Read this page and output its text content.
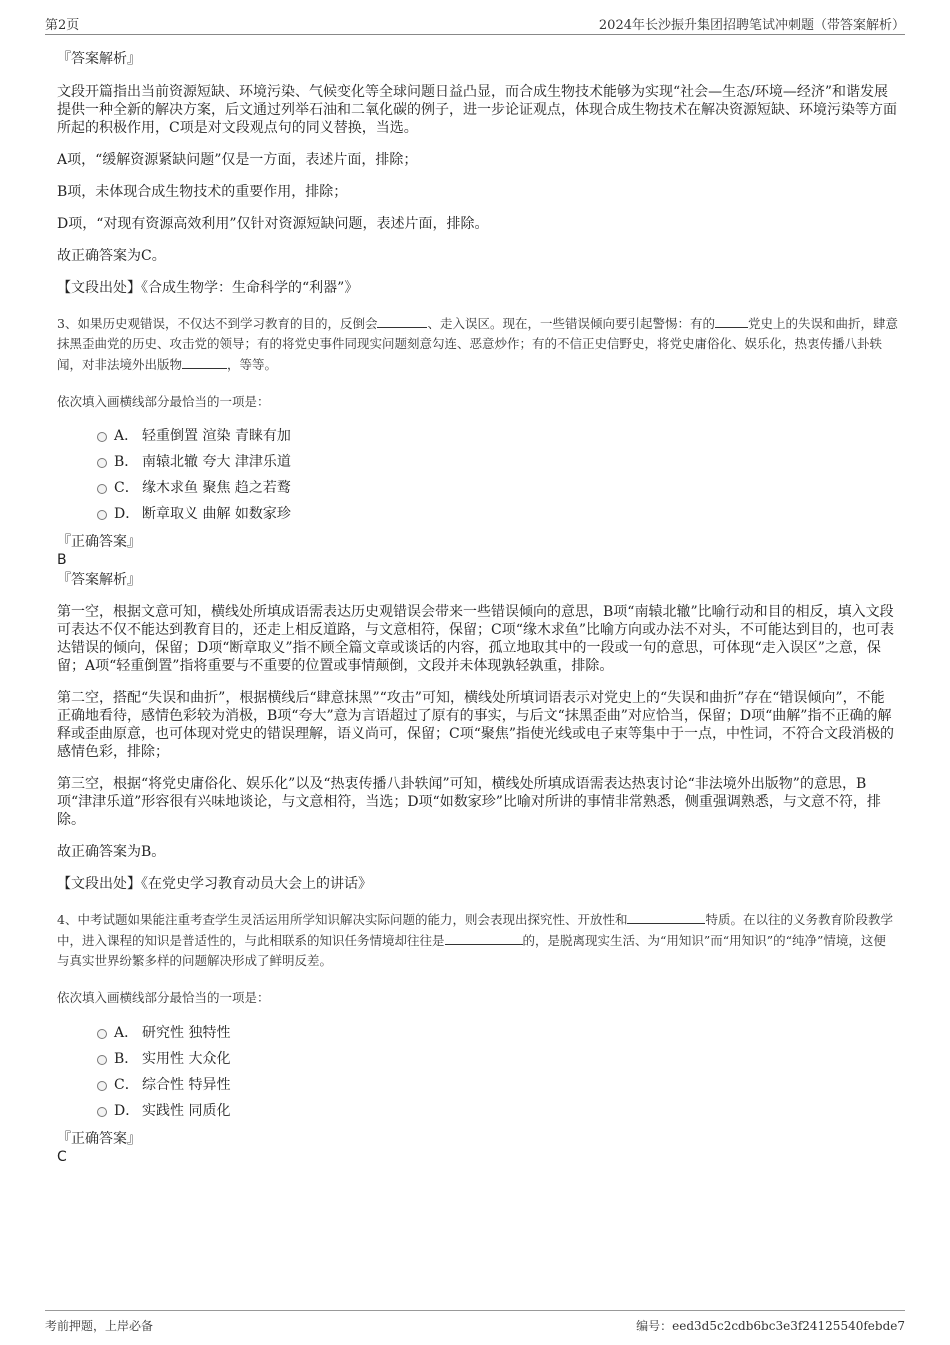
第2页	2024年长沙振升集团招聘笔试冲刺题（带答案解析）

『答案解析』

文段开篇指出当前资源短缺、环境污染、气候变化等全球问题日益凸显，而合成生物技术能够为实现“社会—生态/环境—经济”和谐发展提供一种全新的解决方案，后文通过列举石油和二氧化碳的例子，进一步论证观点，体现合成生物技术在解决资源短缺、环境污染等方面所起的积极作用，C项是对文段观点句的同义替换，当选。

A项，“缓解资源紧缺问题”仅是一方面，表述片面，排除；

B项，未体现合成生物技术的重要作用，排除；

D项，“对现有资源高效利用”仅针对资源短缺问题，表述片面，排除。

故正确答案为C。

【文段出处】《合成生物学：生命科学的“利器”》

3、如果历史观错误，不仅达不到学习教育的目的，反倒会	、走入误区。现在，一些错误倾向要引起警惕：有的	党史上的失误和曲折，肆意抹黑歪曲党的历史、攻击党的领导；有的将党史事件同现实问题刻意勾连、恶意炒作；有的不信正史信野史，将党史庸俗化、娱乐化，热衷传播八卦轶闻，对非法境外出版物	，等等。

依次填入画横线部分最恰当的一项是：

A． 轻重倒置 渲染 青睐有加
B． 南辕北辙 夸大 津津乐道
C． 缘木求鱼 聚焦 趋之若鹜
D． 断章取义 曲解 如数家珍

『正确答案』

B

『答案解析』

第一空，根据文意可知，横线处所填成语需表达历史观错误会带来一些错误倾向的意思，B项“南辕北辙”比喻行动和目的相反，填入文段可表达不仅不能达到教育目的，还走上相反道路，与文意相符，保留；C项“缘木求鱼”比喻方向或办法不对头，不可能达到目的，也可表达错误的倾向，保留；D项“断章取义”指不顾全篇文章或谈话的内容，孤立地取其中的一段或一句的意思，可体现“走入误区”之意，保留；A项“轻重倒置”指将重要与不重要的位置或事情颠倒，文段并未体现孰轻孰重，排除。

第二空，搭配“失误和曲折”，根据横线后“肆意抹黑”“攻击”可知，横线处所填词语表示对党史上的“失误和曲折”存在“错误倾向”，不能正确地看待，感情色彩较为消极，B项“夸大”意为言语超过了原有的事实，与后文“抹黑歪曲”对应恰当，保留；D项“曲解”指不正确的解释或歪曲原意，也可体现对党史的错误理解，语义尚可，保留；C项“聚焦”指使光线或电子束等集中于一点，中性词，不符合文段消极的感情色彩，排除；

第三空，根据“将党史庸俗化、娱乐化”以及“热衷传播八卦轶闻”可知，横线处所填成语需表达热衷讨论“非法境外出版物”的意思，B项“津津乐道”形容很有兴味地谈论，与文意相符，当选；D项“如数家珍”比喻对所讲的事情非常熟悉，侧重强调熟悉，与文意不符，排除。

故正确答案为B。

【文段出处】《在党史学习教育动员大会上的讲话》

4、中考试题如果能注重考查学生灵活运用所学知识解决实际问题的能力，则会表现出探究性、开放性和	特质。在以往的义务教育阶段教学中，进入课程的知识是普适性的，与此相联系的知识任务情境却往往是	的，是脱离现实生活、为“用知识”而“用知识”的“纯净”情境，这便与真实世界纷繁多样的问题解决形成了鲜明反差。

依次填入画横线部分最恰当的一项是：

A． 研究性 独特性
B． 实用性 大众化
C． 综合性 特异性
D． 实践性 同质化

『正确答案』

C

考前押题，上岸必备	编号：eed3d5c2cdb6bc3e3f24125540febde7
